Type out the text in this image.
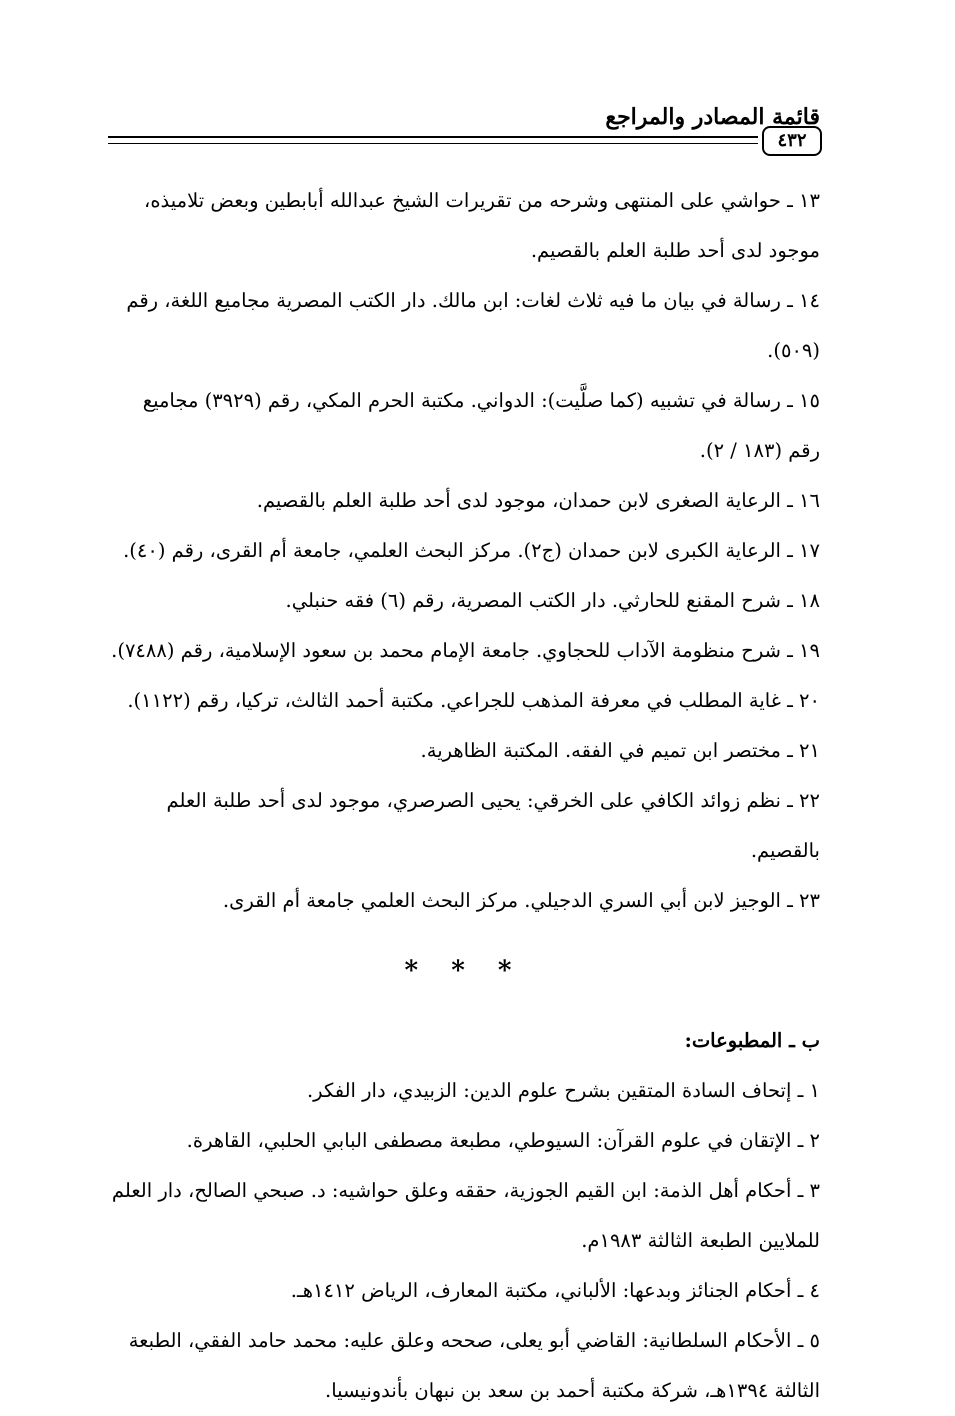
قائمة المصادر والمراجع
٤٣٢
١٣ ـ حواشي على المنتهى وشرحه من تقريرات الشيخ عبدالله أبابطين وبعض تلاميذه، موجود لدى أحد طلبة العلم بالقصيم.
١٤ ـ رسالة في بيان ما فيه ثلاث لغات: ابن مالك. دار الكتب المصرية مجاميع اللغة، رقم (٥٠٩).
١٥ ـ رسالة في تشبيه (كما صلَّيت): الدواني. مكتبة الحرم المكي، رقم (٣٩٢٩) مجاميع رقم (١٨٣ / ٢).
١٦ ـ الرعاية الصغرى لابن حمدان، موجود لدى أحد طلبة العلم بالقصيم.
١٧ ـ الرعاية الكبرى لابن حمدان (ج٢). مركز البحث العلمي، جامعة أم القرى، رقم (٤٠).
١٨ ـ شرح المقنع للحارثي. دار الكتب المصرية، رقم (٦) فقه حنبلي.
١٩ ـ شرح منظومة الآداب للحجاوي. جامعة الإمام محمد بن سعود الإسلامية، رقم (٧٤٨٨).
٢٠ ـ غاية المطلب في معرفة المذهب للجراعي. مكتبة أحمد الثالث، تركيا، رقم (١١٢٢).
٢١ ـ مختصر ابن تميم في الفقه. المكتبة الظاهرية.
٢٢ ـ نظم زوائد الكافي على الخرقي: يحيى الصرصري، موجود لدى أحد طلبة العلم بالقصيم.
٢٣ ـ الوجيز لابن أبي السري الدجيلي. مركز البحث العلمي جامعة أم القرى.
* * *
ب ـ المطبوعات:
١ ـ إتحاف السادة المتقين بشرح علوم الدين: الزبيدي، دار الفكر.
٢ ـ الإتقان في علوم القرآن: السيوطي، مطبعة مصطفى البابي الحلبي، القاهرة.
٣ ـ أحكام أهل الذمة: ابن القيم الجوزية، حققه وعلق حواشيه: د. صبحي الصالح، دار العلم للملايين الطبعة الثالثة ١٩٨٣م.
٤ ـ أحكام الجنائز وبدعها: الألباني، مكتبة المعارف، الرياض ١٤١٢هـ.
٥ ـ الأحكام السلطانية: القاضي أبو يعلى، صححه وعلق عليه: محمد حامد الفقي، الطبعة الثالثة ١٣٩٤هـ، شركة مكتبة أحمد بن سعد بن نبهان بأندونيسيا.
